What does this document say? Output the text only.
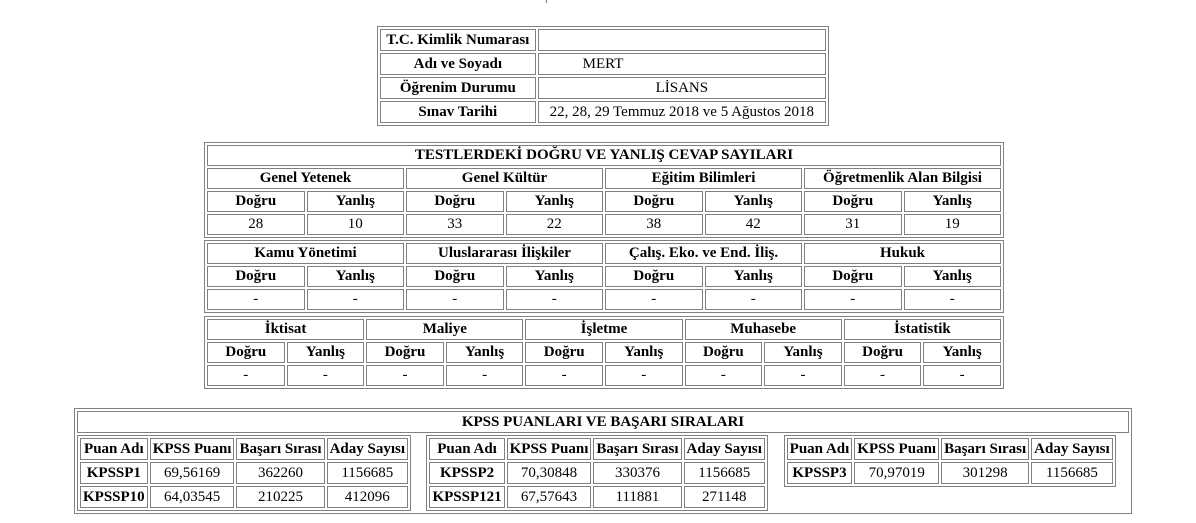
T.C. Kimlik Numarası	
Adı ve Soyadı	MERT
Öğrenim Durumu	LİSANS
Sınav Tarihi	22, 28, 29 Temmuz 2018 ve 5 Ağustos 2018
TESTLERDEKİ DOĞRU VE YANLIŞ CEVAP SAYILARI							
Genel Yetenek		Genel Kültür		Eğitim Bilimleri		Öğretmenlik Alan Bilgisi	
Doğru	Yanlış	Doğru	Yanlış	Doğru	Yanlış	Doğru	Yanlış
28	10	33	22	38	42	31	19
Kamu Yönetimi		Uluslararası İlişkiler		Çalış. Eko. ve End. İliş.		Hukuk	
Doğru	Yanlış	Doğru	Yanlış	Doğru	Yanlış	Doğru	Yanlış
-	-	-	-	-	-	-	-
İktisat		Maliye		İşletme		Muhasebe		İstatistik	
Doğru	Yanlış	Doğru	Yanlış	Doğru	Yanlış	Doğru	Yanlış	Doğru	Yanlış
-	-	-	-	-	-	-	-	-	-
KPSS PUANLARI VE BAŞARI SIRALARI

Puan Adı	KPSS Puanı	Başarı Sırası	Aday Sayısı
KPSSP1	69,56169	362260	1156685
KPSSP10	64,03545	210225	412096

Puan Adı	KPSS Puanı	Başarı Sırası	Aday Sayısı
KPSSP2	70,30848	330376	1156685
KPSSP121	67,57643	111881	271148

Puan Adı	KPSS Puanı	Başarı Sırası	Aday Sayısı
KPSSP3	70,97019	301298	1156685
